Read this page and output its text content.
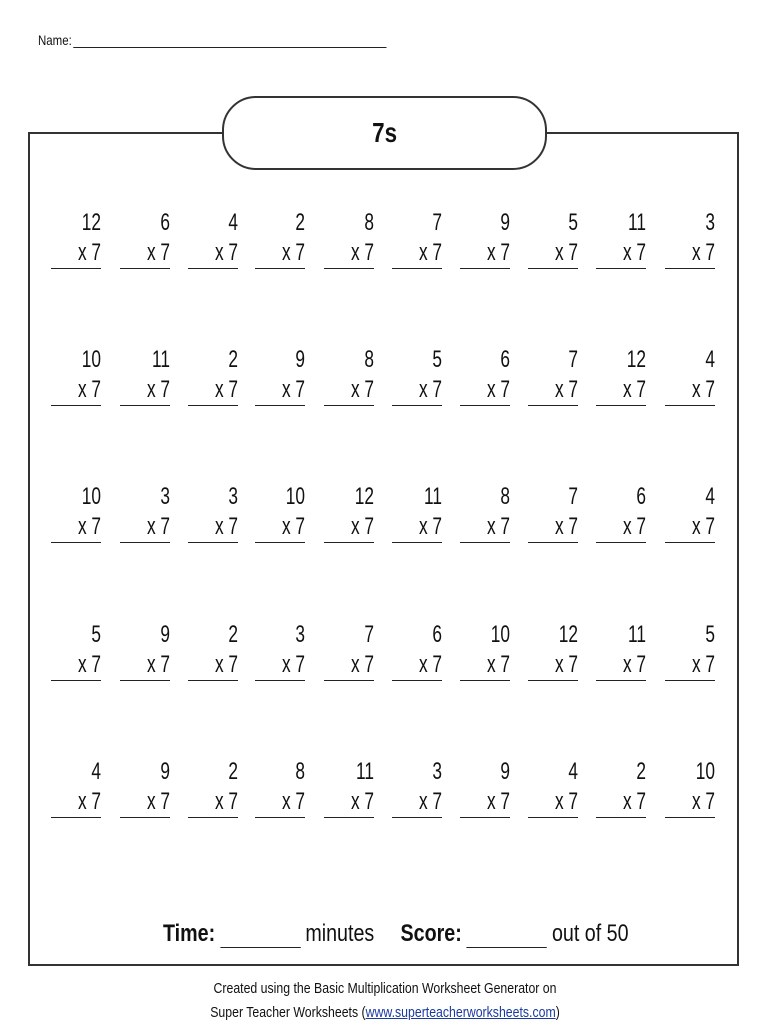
Name:
7s
12
x 7
6
x 7
4
x 7
2
x 7
8
x 7
7
x 7
9
x 7
5
x 7
11
x 7
3
x 7
10
x 7
11
x 7
2
x 7
9
x 7
8
x 7
5
x 7
6
x 7
7
x 7
12
x 7
4
x 7
10
x 7
3
x 7
3
x 7
10
x 7
12
x 7
11
x 7
8
x 7
7
x 7
6
x 7
4
x 7
5
x 7
9
x 7
2
x 7
3
x 7
7
x 7
6
x 7
10
x 7
12
x 7
11
x 7
5
x 7
4
x 7
9
x 7
2
x 7
8
x 7
11
x 7
3
x 7
9
x 7
4
x 7
2
x 7
10
x 7
Time:	minutes Score:	out of 50
Created using the Basic Multiplication Worksheet Generator on
Super Teacher Worksheets (www.superteacherworksheets.com)
